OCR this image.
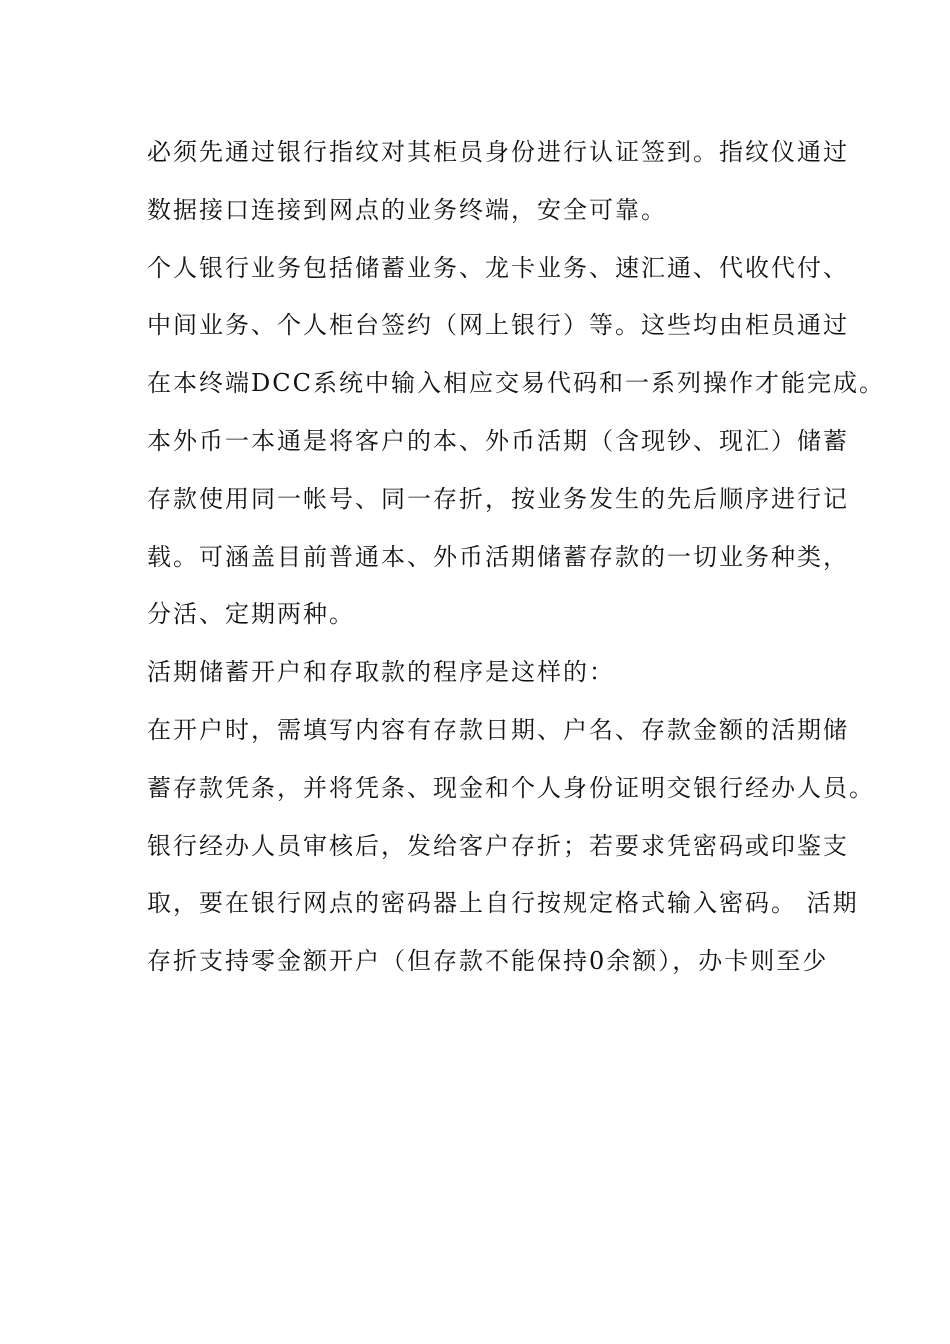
必须先通过银行指纹对其柜员身份进行认证签到。指纹仪通过
数据接口连接到网点的业务终端，安全可靠。
个人银行业务包括储蓄业务、龙卡业务、速汇通、代收代付、
中间业务、个人柜台签约（网上银行）等。这些均由柜员通过
在本终端DCC系统中输入相应交易代码和一系列操作才能完成。
本外币一本通是将客户的本、外币活期（含现钞、现汇）储蓄
存款使用同一帐号、同一存折，按业务发生的先后顺序进行记
载。可涵盖目前普通本、外币活期储蓄存款的一切业务种类，
分活、定期两种。
活期储蓄开户和存取款的程序是这样的：
在开户时，需填写内容有存款日期、户名、存款金额的活期储
蓄存款凭条，并将凭条、现金和个人身份证明交银行经办人员。
银行经办人员审核后，发给客户存折；若要求凭密码或印鉴支
取，要在银行网点的密码器上自行按规定格式输入密码。 活期
存折支持零金额开户（但存款不能保持0余额），办卡则至少
